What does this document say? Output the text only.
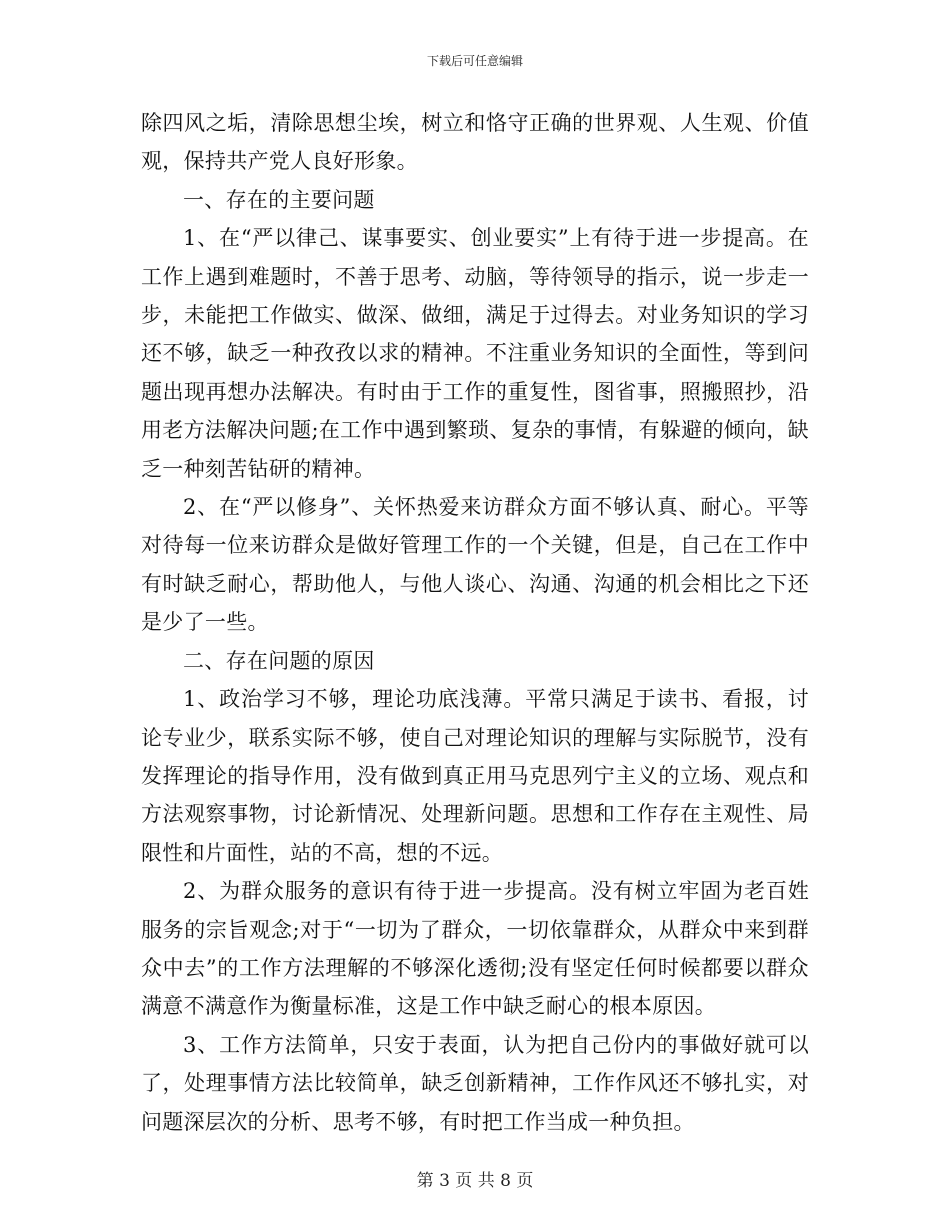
下载后可任意编辑

除四风之垢，清除思想尘埃，树立和恪守正确的世界观、人生观、价值观，保持共产党人良好形象。

一、存在的主要问题

1、在“严以律己、谋事要实、创业要实”上有待于进一步提高。在工作上遇到难题时，不善于思考、动脑，等待领导的指示，说一步走一步，未能把工作做实、做深、做细，满足于过得去。对业务知识的学习还不够，缺乏一种孜孜以求的精神。不注重业务知识的全面性，等到问题出现再想办法解决。有时由于工作的重复性，图省事，照搬照抄，沿用老方法解决问题;在工作中遇到繁琐、复杂的事情，有躲避的倾向，缺乏一种刻苦钻研的精神。

2、在“严以修身”、关怀热爱来访群众方面不够认真、耐心。平等对待每一位来访群众是做好管理工作的一个关键，但是，自己在工作中有时缺乏耐心，帮助他人，与他人谈心、沟通、沟通的机会相比之下还是少了一些。

二、存在问题的原因

1、政治学习不够，理论功底浅薄。平常只满足于读书、看报，讨论专业少，联系实际不够，使自己对理论知识的理解与实际脱节，没有发挥理论的指导作用，没有做到真正用马克思列宁主义的立场、观点和方法观察事物，讨论新情况、处理新问题。思想和工作存在主观性、局限性和片面性，站的不高，想的不远。

2、为群众服务的意识有待于进一步提高。没有树立牢固为老百姓服务的宗旨观念;对于“一切为了群众，一切依靠群众，从群众中来到群众中去”的工作方法理解的不够深化透彻;没有坚定任何时候都要以群众满意不满意作为衡量标准，这是工作中缺乏耐心的根本原因。

3、工作方法简单，只安于表面，认为把自己份内的事做好就可以了，处理事情方法比较简单，缺乏创新精神，工作作风还不够扎实，对问题深层次的分析、思考不够，有时把工作当成一种负担。

第 3 页 共 8 页
